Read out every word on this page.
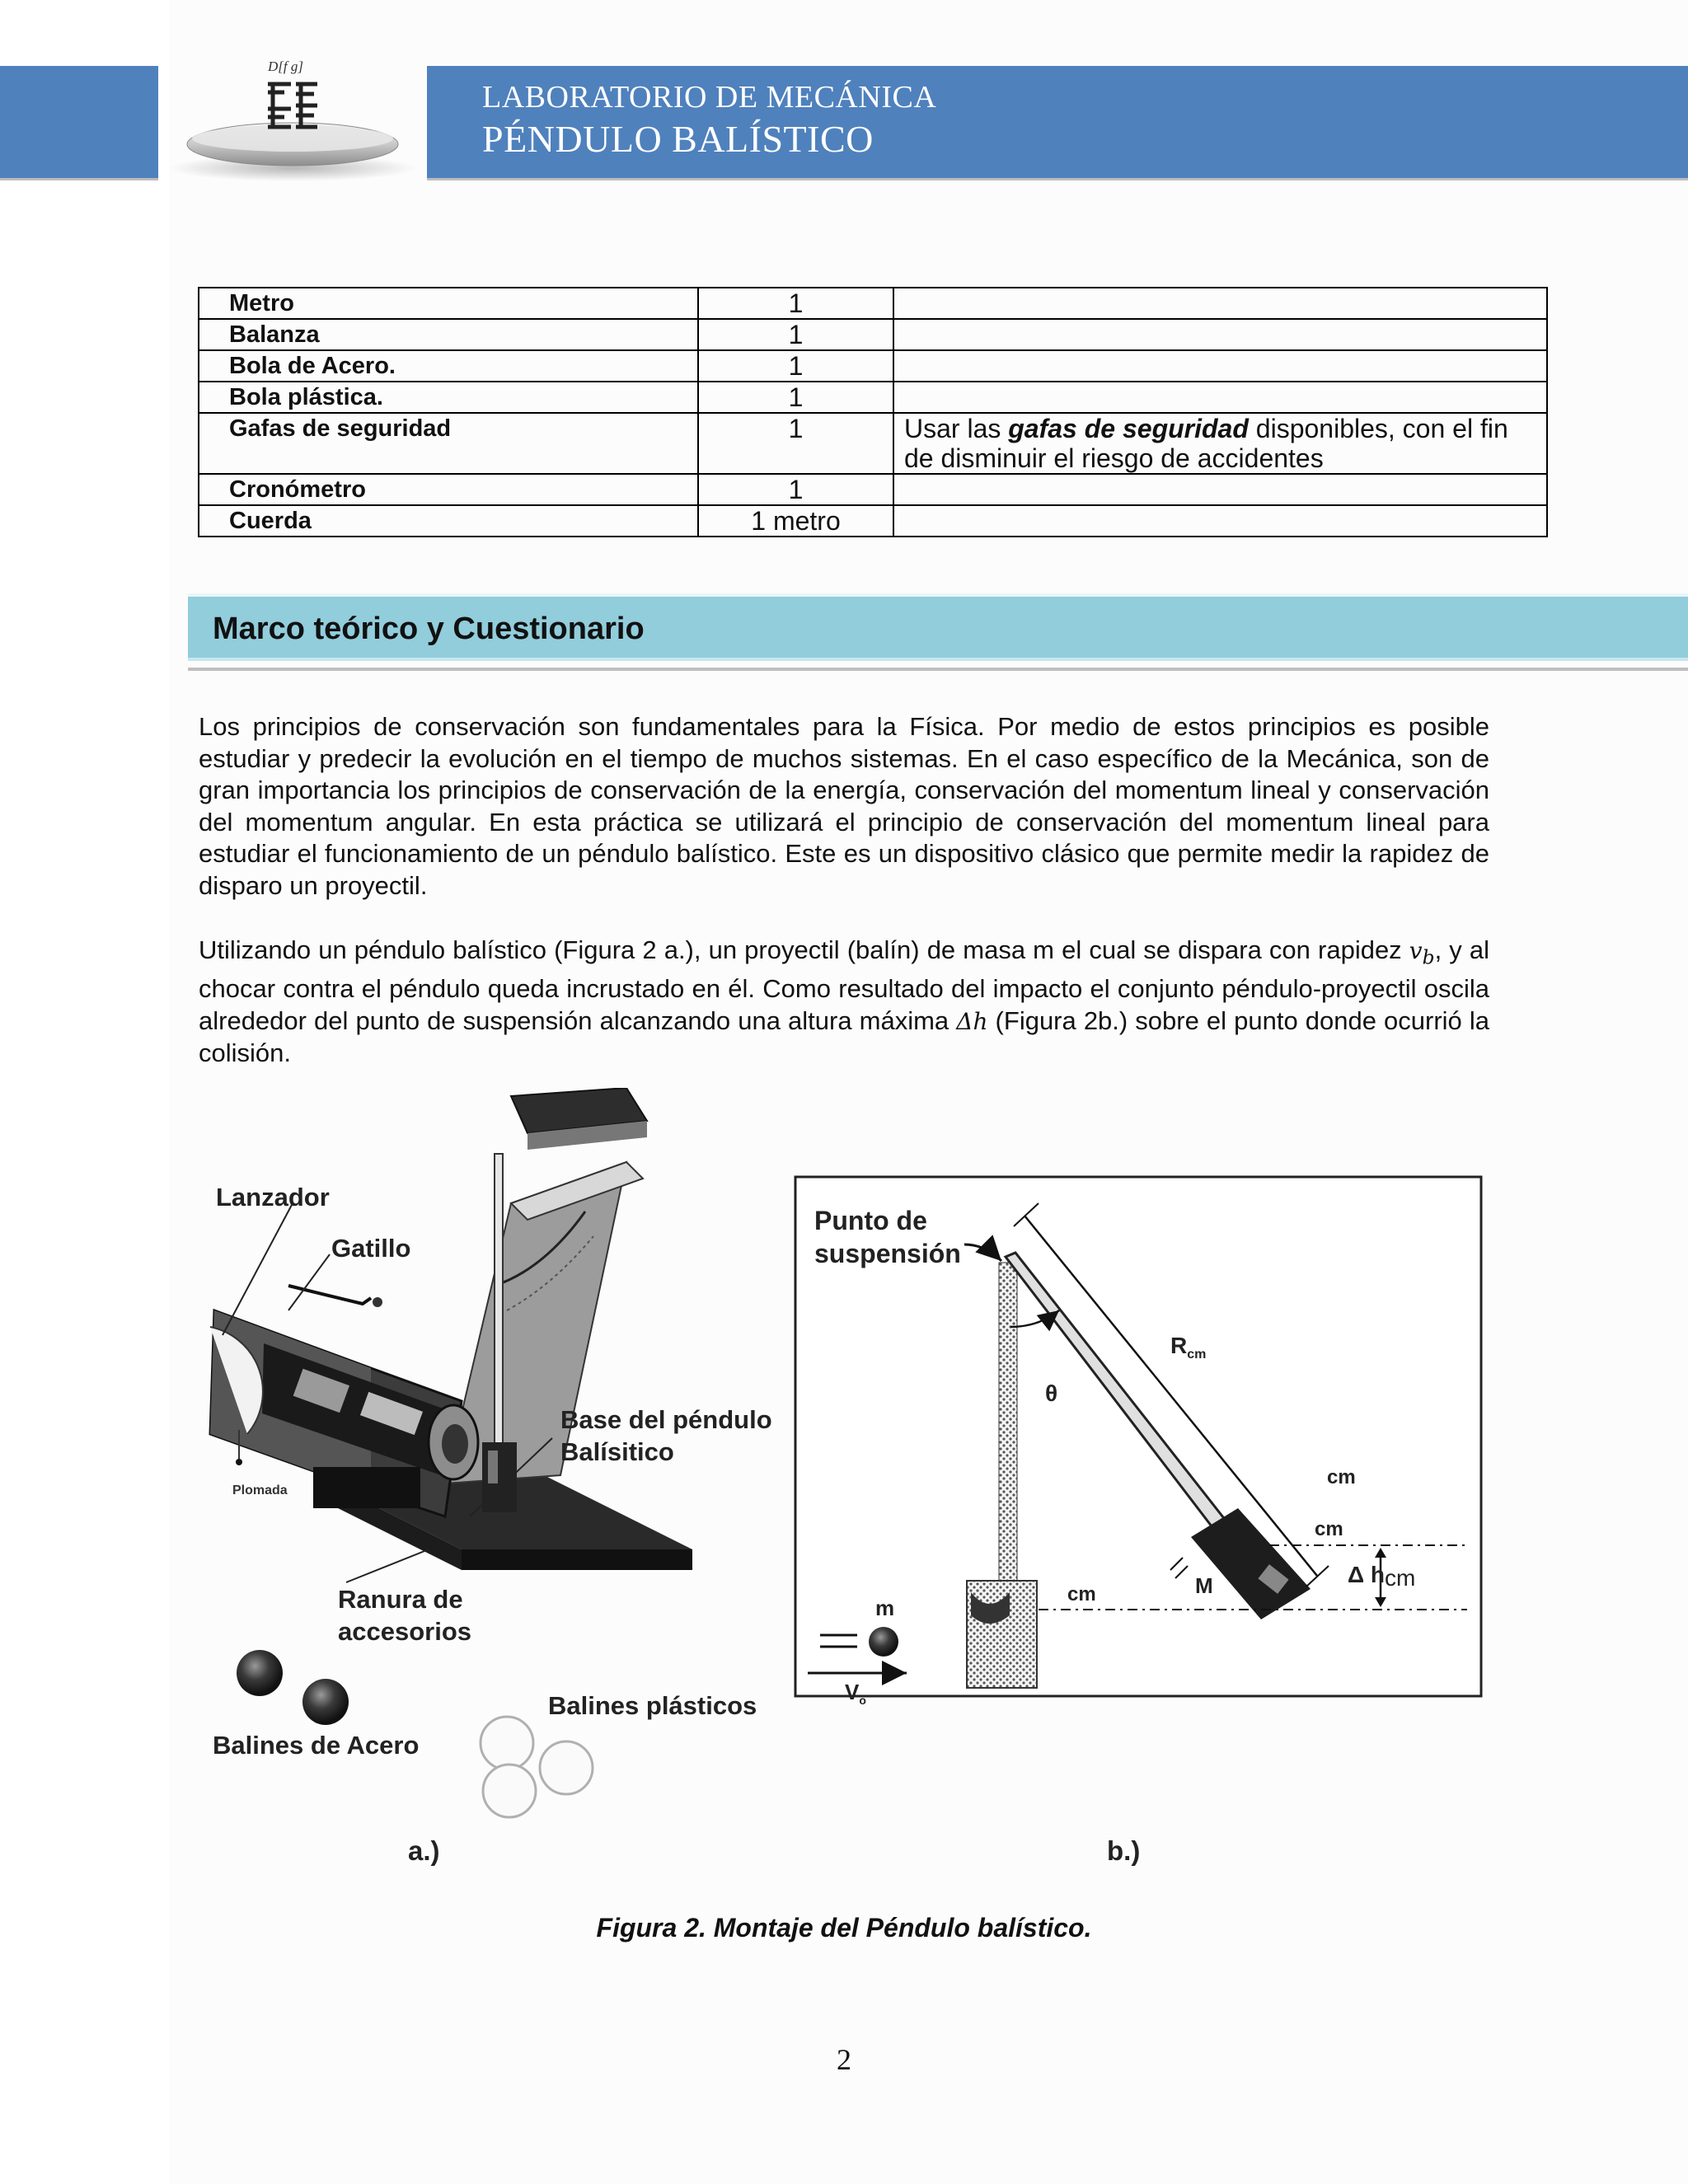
D[f g]
LABORATORIO DE MECÁNICA
PÉNDULO BALÍSTICO
Metro	1	
Balanza	1	
Bola de Acero.	1	
Bola plástica.	1	
Gafas de seguridad	1	Usar las gafas de seguridad disponibles, con el fin de disminuir el riesgo de accidentes
Cronómetro	1	
Cuerda	1 metro	
Marco teórico y Cuestionario

Los principios de conservación son fundamentales para la Física. Por medio de estos principios es posible estudiar y predecir la evolución en el tiempo de muchos sistemas. En el caso específico de la Mecánica, son de gran importancia los principios de conservación de la energía, conservación del momentum lineal y conservación del momentum angular. En esta práctica se utilizará el principio de conservación del momentum lineal para estudiar el funcionamiento de un péndulo balístico. Este es un dispositivo clásico que permite medir la rapidez de disparo un proyectil.

Utilizando un péndulo balístico (Figura 2 a.), un proyectil (balín) de masa m el cual se dispara con rapidez $v_b$, y al chocar contra el péndulo queda incrustado en él. Como resultado del impacto el conjunto péndulo-proyectil oscila alrededor del punto de suspensión alcanzando una altura máxima Δh (Figura 2b.) sobre el punto donde ocurrió la colisión.

Lanzador
Gatillo
Base del péndulo
Balísitico
Plomada
Ranura de
accesorios
Balines de Acero
Balines plásticos
a.)
Punto de
suspensión
θ
$R_{cm}$
cm
cm
cm	M	Δ hcm
m
$V_o$
b.)
Figura 2. Montaje del Péndulo balístico.
2
